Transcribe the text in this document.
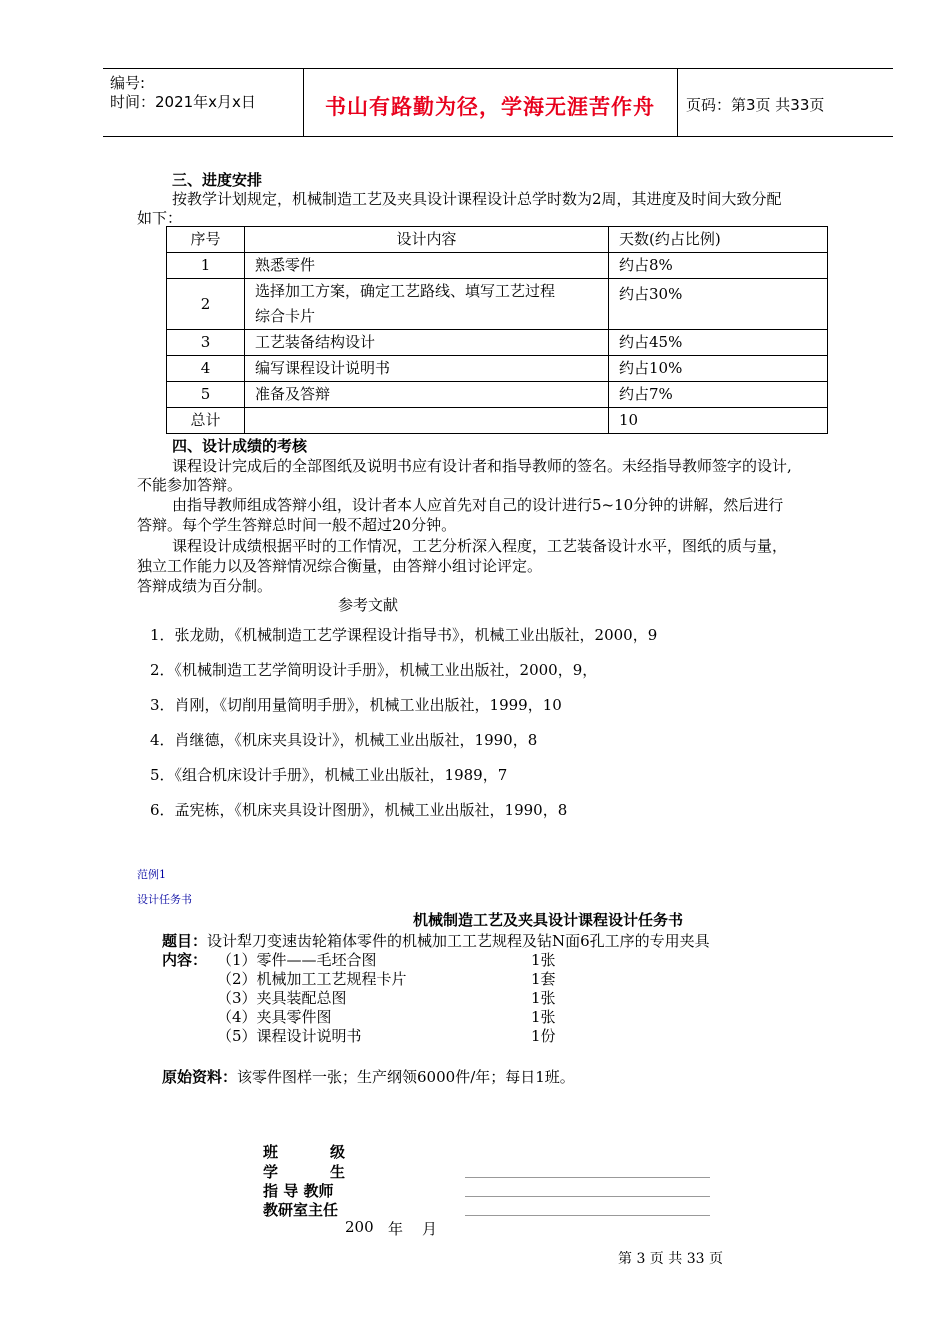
编号:
时间：2021年x月x日	书山有路勤为径，学海无涯苦作舟 页码：第3页 共33页
三、进度安排
按教学计划规定，机械制造工艺及夹具设计课程设计总学时数为2周，其进度及时间大致分配
如下：
序号	设计内容	天数(约占比例)
1	熟悉零件	约占8%
2	选择加工方案，确定工艺路线、填写工艺过程
综合卡片	约占30%
3	工艺装备结构设计	约占45%
4	编写课程设计说明书	约占10%
5	准备及答辩	约占7%
总计		10
四、设计成绩的考核
课程设计完成后的全部图纸及说明书应有设计者和指导教师的签名。未经指导教师签字的设计,
不能参加答辩。
由指导教师组成答辩小组，设计者本人应首先对自己的设计进行5~10分钟的讲解，然后进行
答辩。每个学生答辩总时间一般不超过20分钟。
课程设计成绩根据平时的工作情况，工艺分析深入程度，工艺装备设计水平，图纸的质与量，
独立工作能力以及答辩情况综合衡量，由答辩小组讨论评定。
答辩成绩为百分制。
参考文献
1．张龙勋，《机械制造工艺学课程设计指导书》，机械工业出版社，2000，9
2．《机械制造工艺学简明设计手册》，机械工业出版社，2000，9，
3．肖刚，《切削用量简明手册》，机械工业出版社，1999，10
4．肖继德，《机床夹具设计》，机械工业出版社，1990，8
5．《组合机床设计手册》，机械工业出版社，1989，7
6．孟宪栋，《机床夹具设计图册》，机械工业出版社，1990，8
范例1
设计任务书
机械制造工艺及夹具设计课程设计任务书
题目：设计犁刀变速齿轮箱体零件的机械加工工艺规程及钻N面6孔工序的专用夹具
内容： （1）零件——毛坯合图	1张
（2）机械加工工艺规程卡片	1套
（3）夹具装配总图	1张
（4）夹具零件图	1张
（5）课程设计说明书	1份
原始资料：该零件图样一张；生产纲领6000件/年；每日1班。
班	级
学	生
指 导 教师
教研室主任
200 年 月
第 3 页 共 33 页
